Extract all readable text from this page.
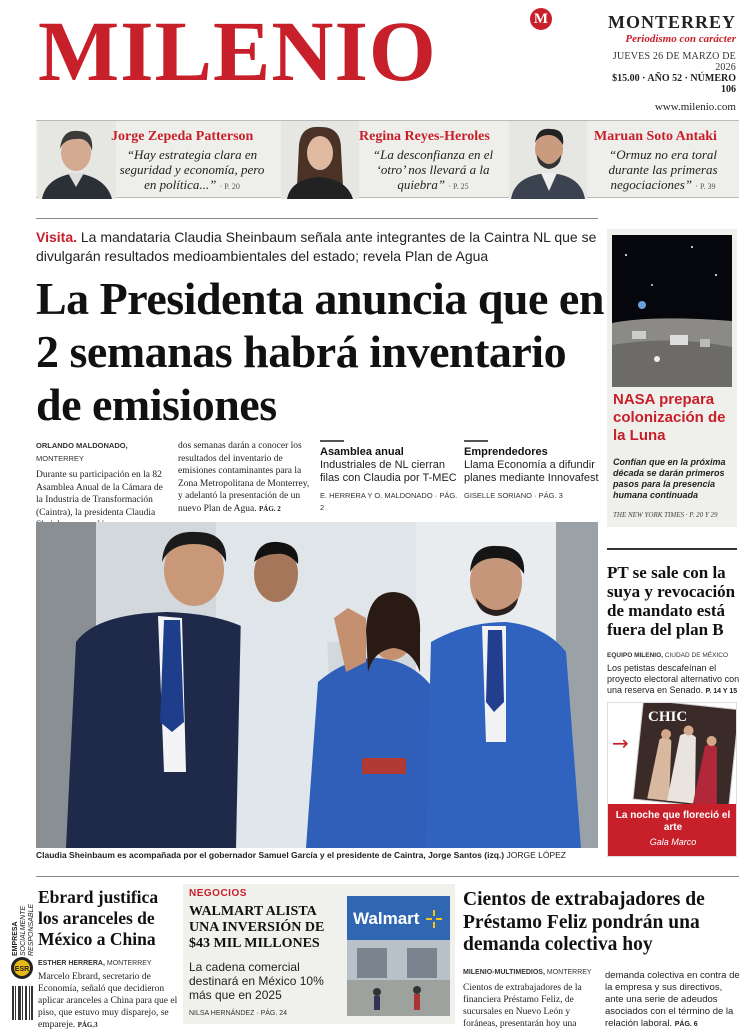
MILENIO	M	MONTERREY
Periodismo con carácter
JUEVES 26 DE MARZO DE 2026
$15.00 · AÑO 52 · NÚMERO 106
www.milenio.com
Jorge Zepeda Patterson
“Hay estrategia clara en seguridad y economía, pero en política...” · P. 20
Regina Reyes-Heroles
“La desconfianza en el ‘otro’ nos llevará a la quiebra” · P. 25
Maruan Soto Antaki
“Ormuz no era toral durante las primeras negociaciones” · P. 39
Visita. La mandataria Claudia Sheinbaum señala ante integrantes de la Caintra NL que se divulgarán resultados medioambientales del estado; revela Plan de Agua
La Presidenta anuncia que en 2 semanas habrá inventario de emisiones
ORLANDO MALDONADO, MONTERREY
Durante su participación en la 82 Asamblea Anual de la Cámara de la Industria de Transformación (Caintra), la presidenta Claudia
dos semanas darán a conocer los resultados del inventario de emisiones contaminantes para la Zona Metropolitana de Monterrey, y adelantó la presentación de un nuevo Plan de Agua. PÁG. 2
Asamblea anual
Industriales de NL cierran filas con Claudia por T-MEC
E. HERRERA Y O. MALDONADO · PÁG. 2
Emprendedores
Llama Economía a difundir planes mediante Innovafest
GISELLE SORIANO · PÁG. 3
Claudia Sheinbaum es acompañada por el gobernador Samuel García y el presidente de Caintra, Jorge Santos (izq.) JORGE LÓPEZ
NASA prepara colonización de la Luna
Confían que en la próxima década se darán primeros pasos para la presencia humana continuada
THE NEW YORK TIMES · P. 20 Y 29
PT se sale con la suya y revocación de mandato está fuera del plan B
EQUIPO MILENIO, CIUDAD DE MÉXICO
Los petistas descafeínan el proyecto electoral alternativo con una reserva en Senado. P. 14 Y 15
CHIC
→
La noche que floreció el arte
Gala Marco
EMPRESA SOCIALMENTE RESPONSABLE
ESR
Ebrard justifica los aranceles de México a China
ESTHER HERRERA, MONTERREY
Marcelo Ebrard, secretario de Economía, señaló que decidieron aplicar aranceles a China para que el piso, que estuvo muy disparejo, se empareje. PÁG.3
NEGOCIOS
WALMART ALISTA UNA INVERSIÓN DE $43 MIL MILLONES
La cadena comercial destinará en México 10% más que en 2025
NILSA HERNÁNDEZ · PÁG. 24
Walmart
Cientos de extrabajadores de Préstamo Feliz pondrán una demanda colectiva hoy
MILENIO-MULTIMEDIOS, MONTERREY
Cientos de extrabajadores de la financiera Préstamo Feliz, de sucursales en Nuevo León y foráneas, presentarán hoy una
demanda colectiva en contra de la empresa y sus directivos, ante una serie de adeudos asociados con el término de la relación laboral. PÁG. 6
